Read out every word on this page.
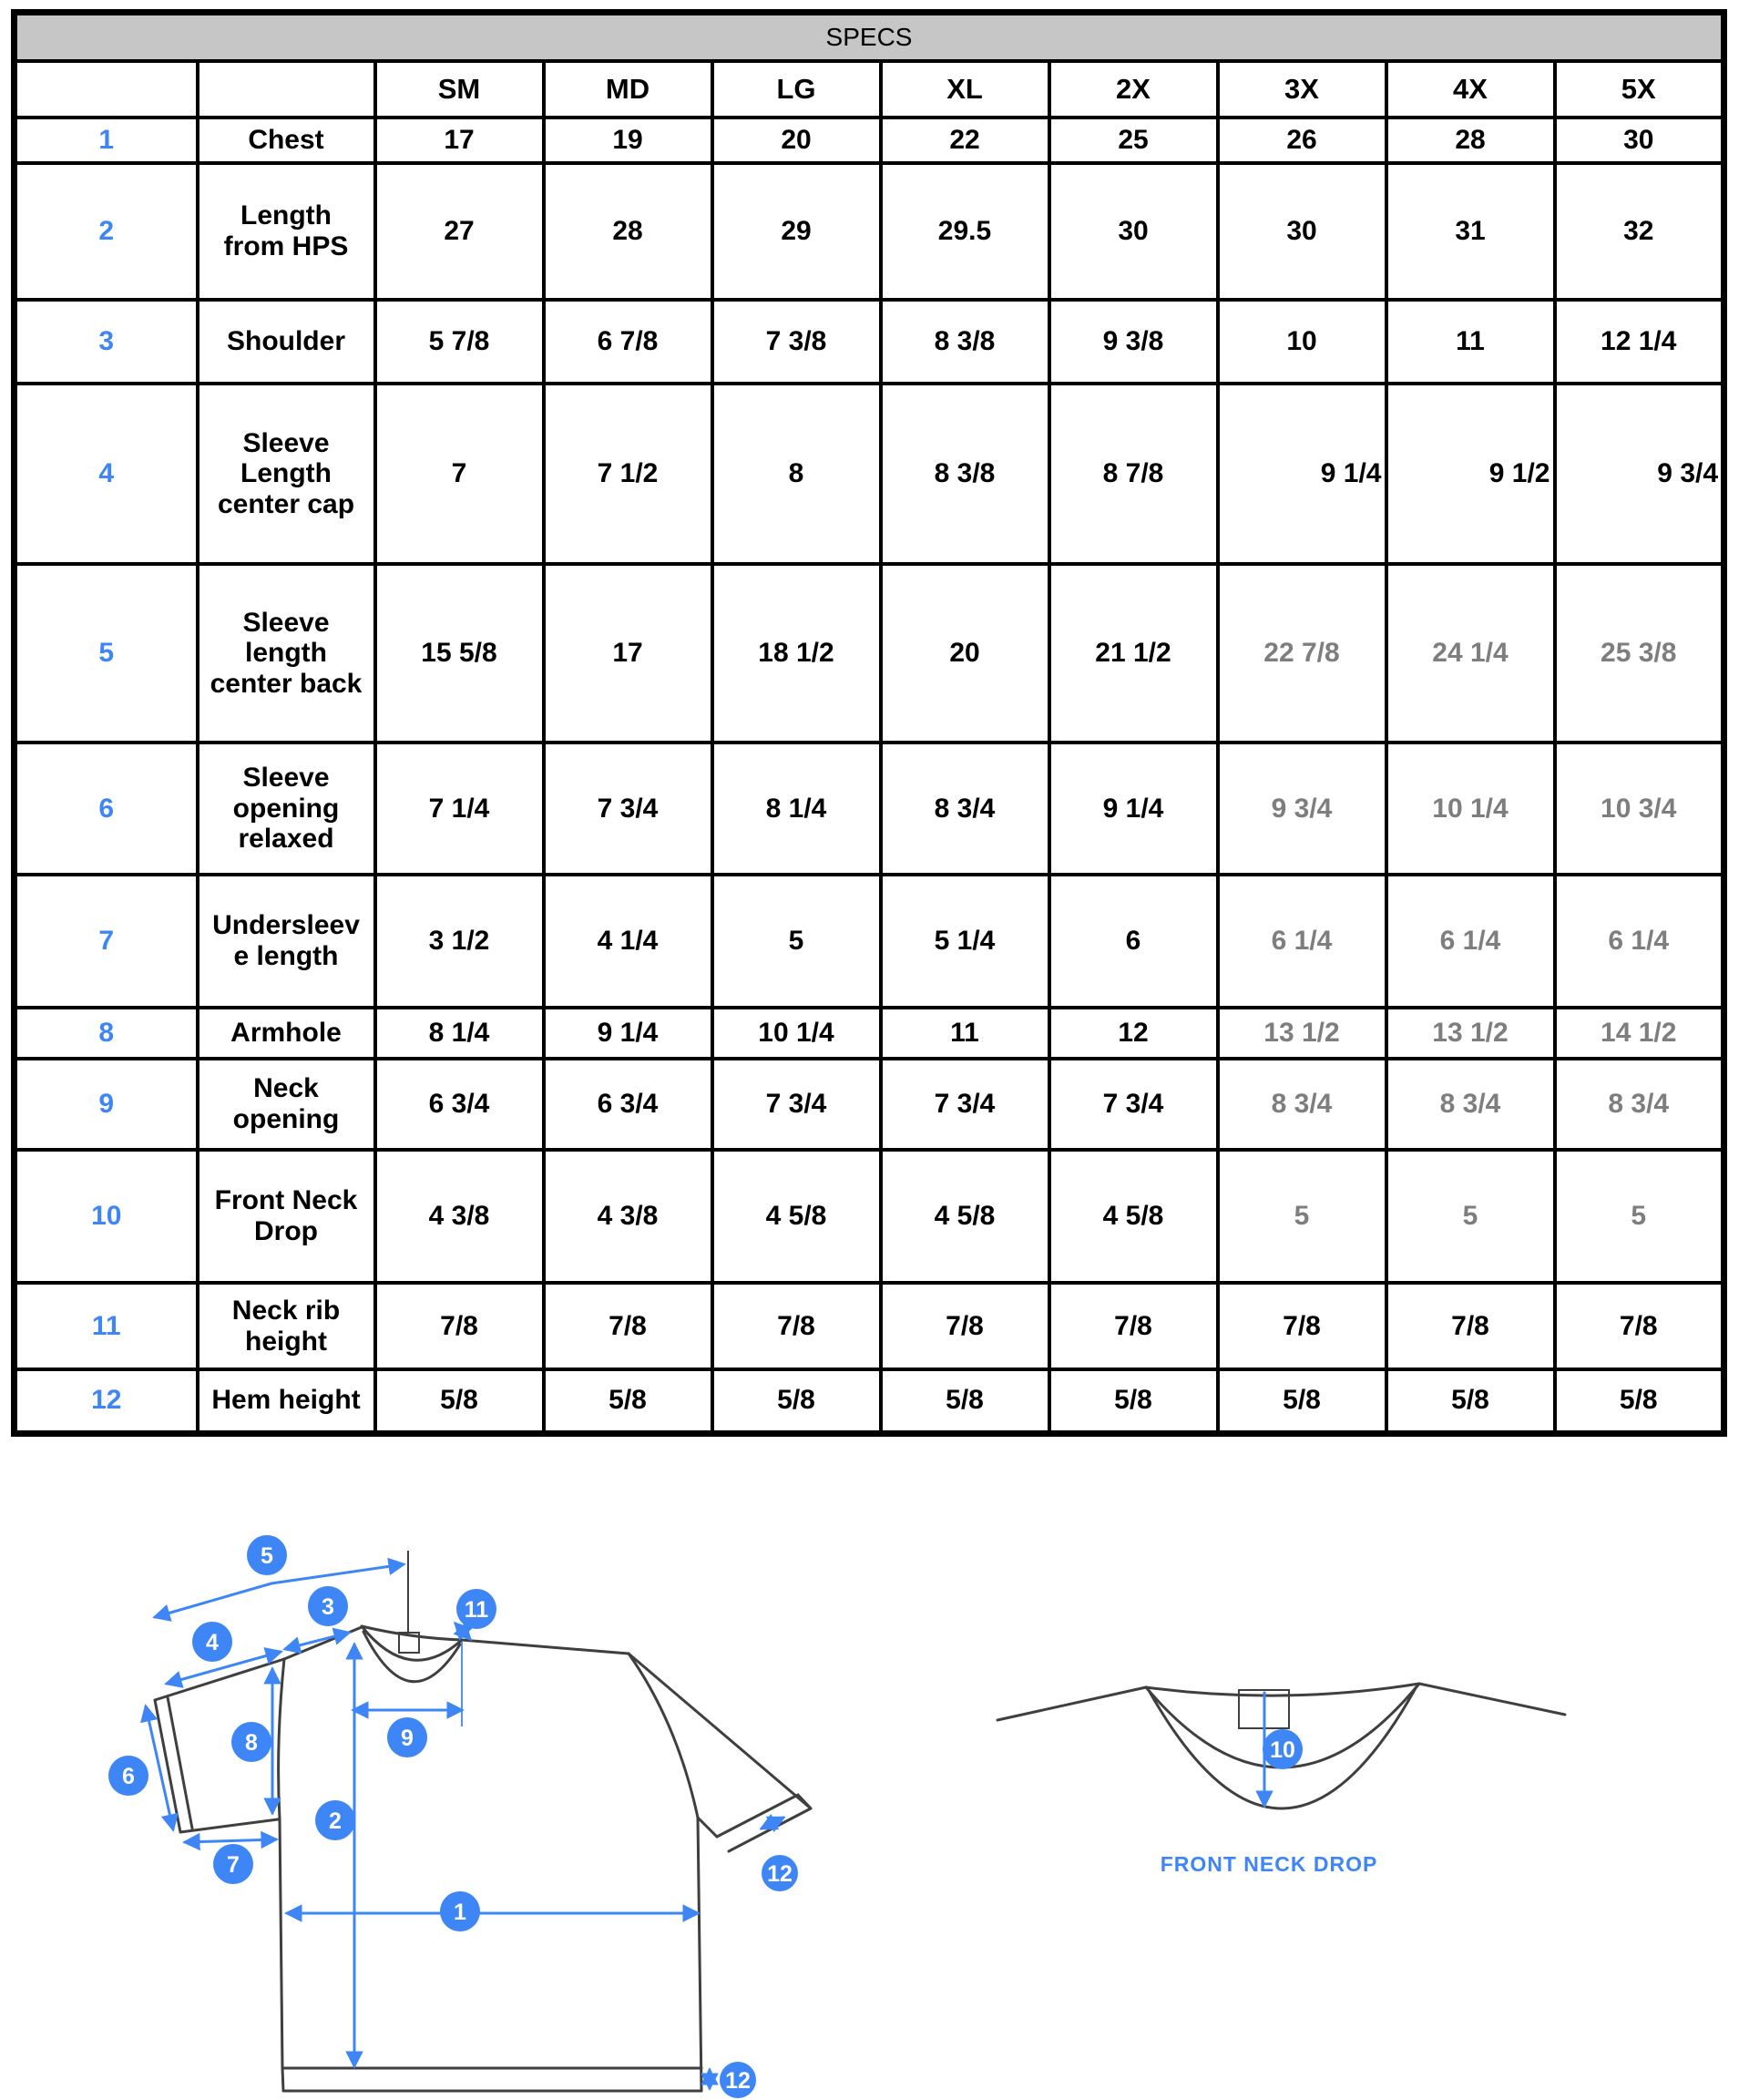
SPECS									
		SM	MD	LG	XL	2X	3X	4X	5X
1	Chest	17	19	20	22	25	26	28	30
2	Length from HPS	27	28	29	29.5	30	30	31	32
3	Shoulder	5 7/8	6 7/8	7 3/8	8 3/8	9 3/8	10	11	12 1/4
4	Sleeve Length center cap	7	7 1/2	8	8 3/8	8 7/8	9 1/4	9 1/2	9 3/4
5	Sleeve length center back	15 5/8	17	18 1/2	20	21 1/2	22 7/8	24 1/4	25 3/8
6	Sleeve opening relaxed	7 1/4	7 3/4	8 1/4	8 3/4	9 1/4	9 3/4	10 1/4	10 3/4
7	Undersleeve length	3 1/2	4 1/4	5	5 1/4	6	6 1/4	6 1/4	6 1/4
8	Armhole	8 1/4	9 1/4	10 1/4	11	12	13 1/2	13 1/2	14 1/2
9	Neck opening	6 3/4	6 3/4	7 3/4	7 3/4	7 3/4	8 3/4	8 3/4	8 3/4
10	Front Neck Drop	4 3/8	4 3/8	4 5/8	4 5/8	4 5/8	5	5	5
11	Neck rib height	7/8	7/8	7/8	7/8	7/8	7/8	7/8	7/8
12	Hem height	5/8	5/8	5/8	5/8	5/8	5/8	5/8	5/8
5
3	11
4
8
6
9
2
7
1
12
12
10
FRONT NECK DROP
